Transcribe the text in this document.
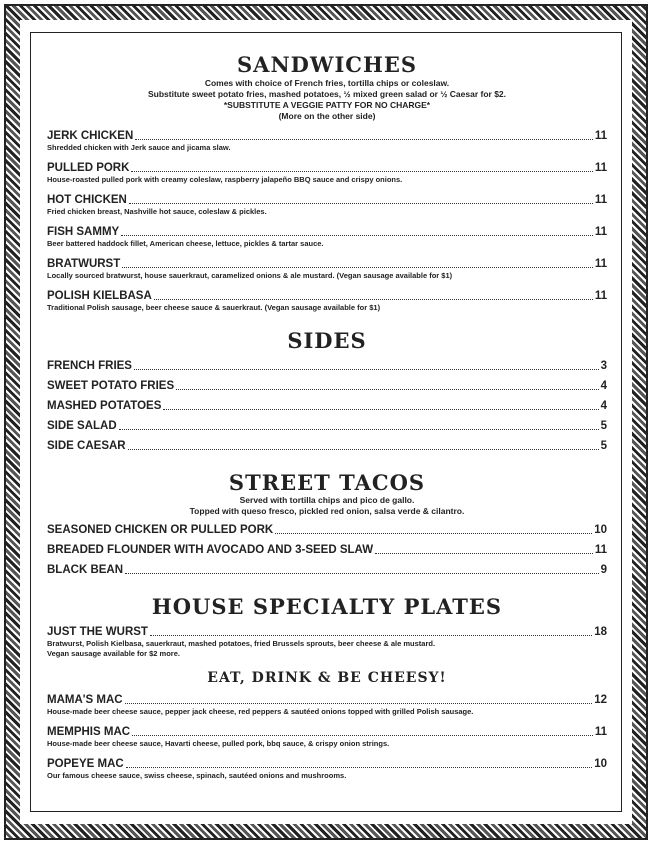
SANDWICHES
Comes with choice of French fries, tortilla chips or coleslaw.
Substitute sweet potato fries, mashed potatoes, ½ mixed green salad or ½ Caesar for $2.
*SUBSTITUTE A VEGGIE PATTY FOR NO CHARGE*
(More on the other side)
JERK CHICKEN	11
Shredded chicken with Jerk sauce and jicama slaw.
PULLED PORK	11
House-roasted pulled pork with creamy coleslaw, raspberry jalapeño BBQ sauce and crispy onions.
HOT CHICKEN	11
Fried chicken breast, Nashville hot sauce, coleslaw & pickles.
FISH SAMMY	11
Beer battered haddock fillet, American cheese, lettuce, pickles & tartar sauce.
BRATWURST	11
Locally sourced bratwurst, house sauerkraut, caramelized onions & ale mustard. (Vegan sausage available for $1)
POLISH KIELBASA	11
Traditional Polish sausage, beer cheese sauce & sauerkraut. (Vegan sausage available for $1)
SIDES
FRENCH FRIES	3
SWEET POTATO FRIES	4
MASHED POTATOES	4
SIDE SALAD	5
SIDE CAESAR	5
STREET TACOS
Served with tortilla chips and pico de gallo.
Topped with queso fresco, pickled red onion, salsa verde & cilantro.
SEASONED CHICKEN OR PULLED PORK	10
BREADED FLOUNDER WITH AVOCADO AND 3-SEED SLAW	11
BLACK BEAN	9
HOUSE SPECIALTY PLATES
JUST THE WURST	18
Bratwurst, Polish Kielbasa, sauerkraut, mashed potatoes, fried Brussels sprouts, beer cheese & ale mustard.
Vegan sausage available for $2 more.
EAT, DRINK & BE CHEESY!
MAMA'S MAC	12
House-made beer cheese sauce, pepper jack cheese, red peppers & sautéed onions topped with grilled Polish sausage.
MEMPHIS MAC	11
House-made beer cheese sauce, Havarti cheese, pulled pork, bbq sauce, & crispy onion strings.
POPEYE MAC	10
Our famous cheese sauce, swiss cheese, spinach, sautéed onions and mushrooms.
